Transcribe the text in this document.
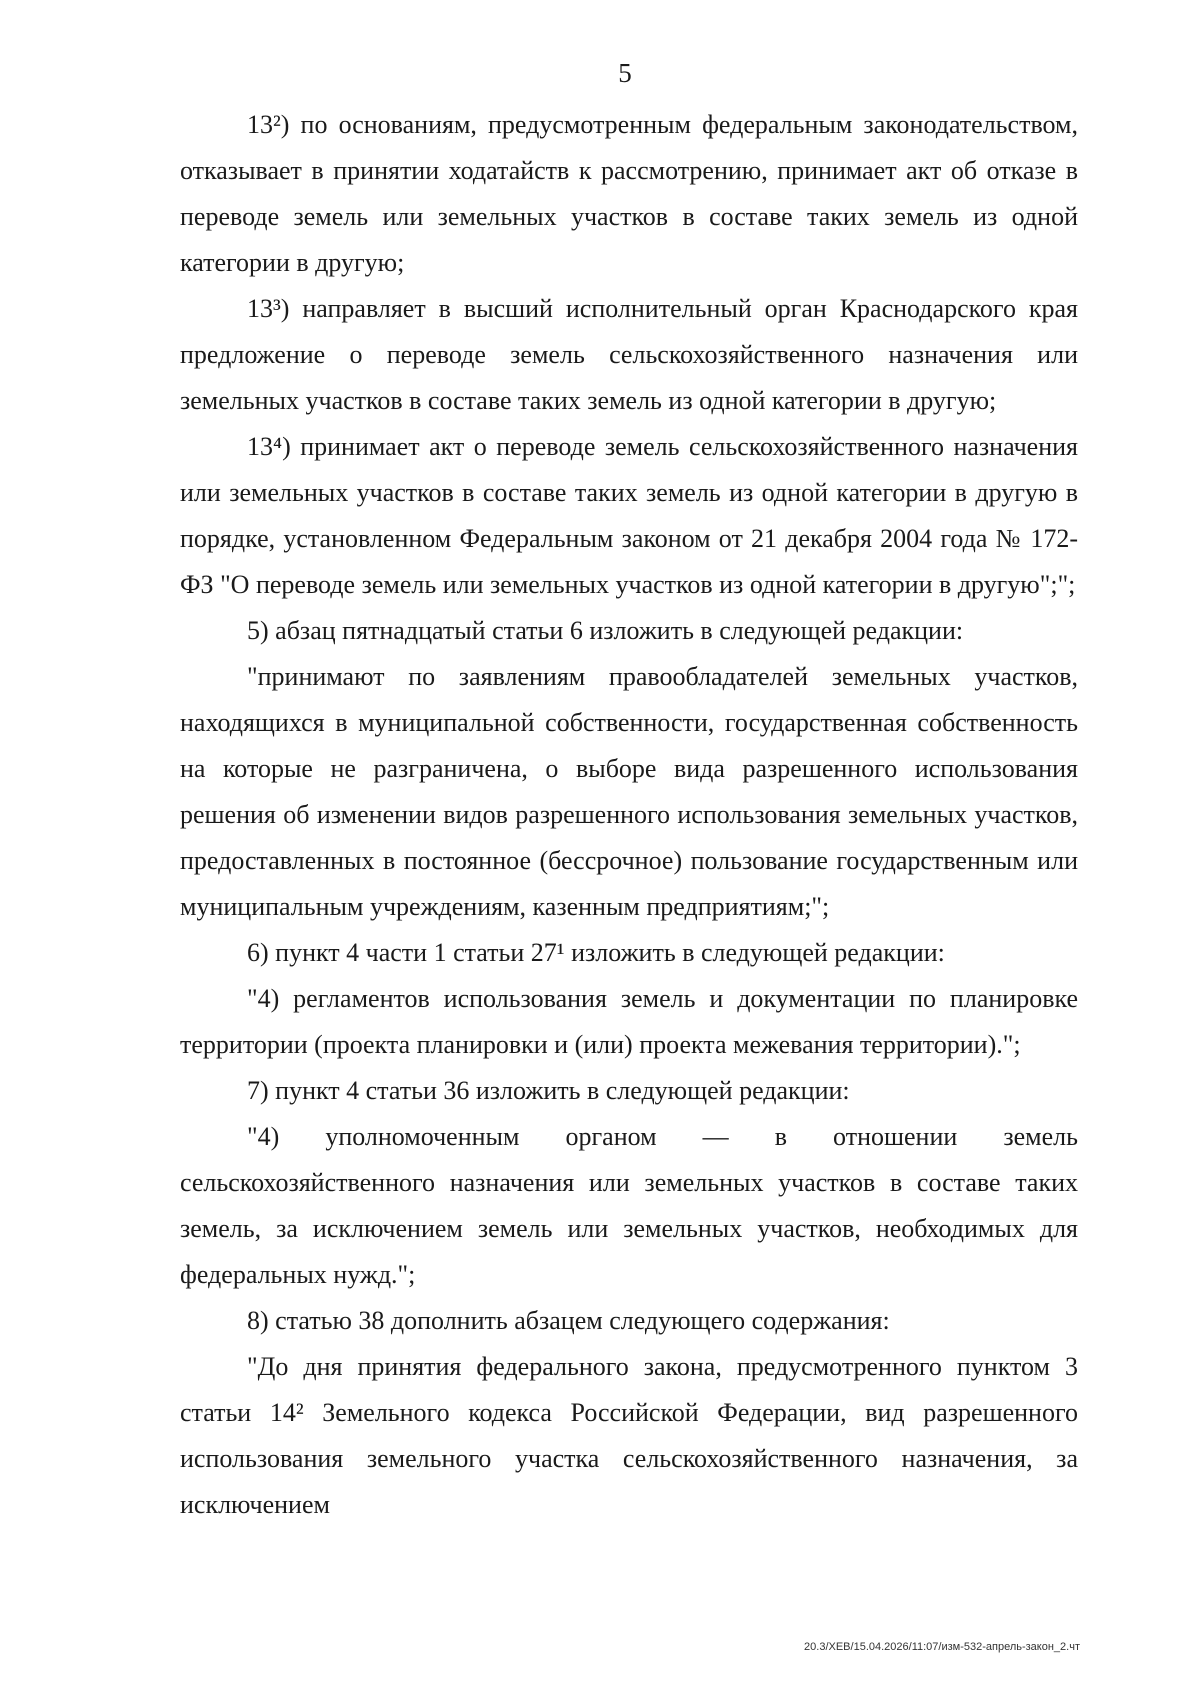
5

13²) по основаниям, предусмотренным федеральным законодательством, отказывает в принятии ходатайств к рассмотрению, принимает акт об отказе в переводе земель или земельных участков в составе таких земель из одной категории в другую;

13³) направляет в высший исполнительный орган Краснодарского края предложение о переводе земель сельскохозяйственного назначения или земельных участков в составе таких земель из одной категории в другую;

13⁴) принимает акт о переводе земель сельскохозяйственного назначения или земельных участков в составе таких земель из одной категории в другую в порядке, установленном Федеральным законом от 21 декабря 2004 года № 172-ФЗ "О переводе земель или земельных участков из одной категории в другую";";

5) абзац пятнадцатый статьи 6 изложить в следующей редакции:

"принимают по заявлениям правообладателей земельных участков, находящихся в муниципальной собственности, государственная собственность на которые не разграничена, о выборе вида разрешенного использования решения об изменении видов разрешенного использования земельных участков, предоставленных в постоянное (бессрочное) пользование государственным или муниципальным учреждениям, казенным предприятиям;";

6) пункт 4 части 1 статьи 27¹ изложить в следующей редакции:

"4) регламентов использования земель и документации по планировке территории (проекта планировки и (или) проекта межевания территории).";

7) пункт 4 статьи 36 изложить в следующей редакции:

"4) уполномоченным органом — в отношении земель сельскохозяйственного назначения или земельных участков в составе таких земель, за исключением земель или земельных участков, необходимых для федеральных нужд.";

8) статью 38 дополнить абзацем следующего содержания:

"До дня принятия федерального закона, предусмотренного пунктом 3 статьи 14² Земельного кодекса Российской Федерации, вид разрешенного использования земельного участка сельскохозяйственного назначения, за исключением

20.3/ХЕВ/15.04.2026/11:07/изм-532-апрель-закон_2.чт
